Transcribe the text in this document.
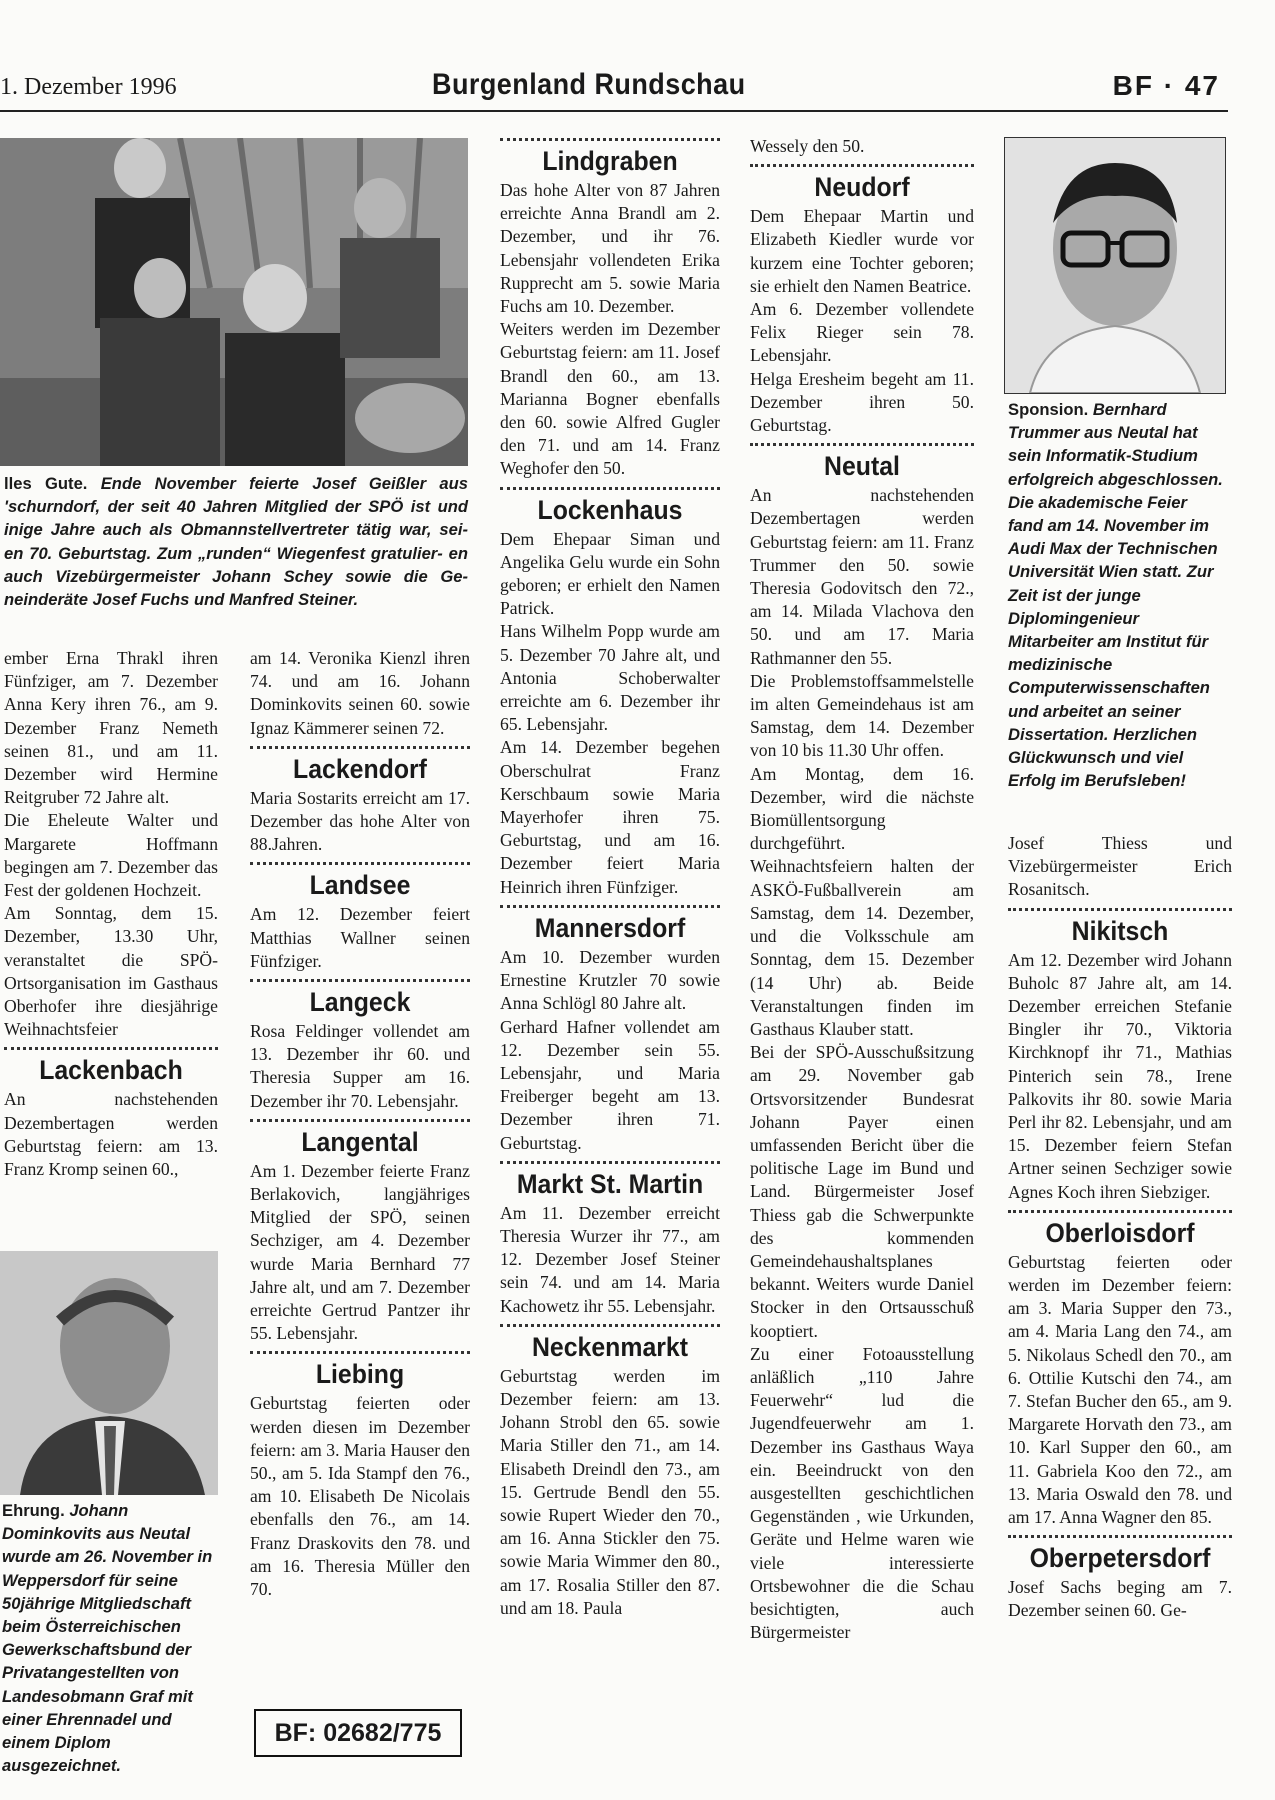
1. Dezember 1996	Burgenland Rundschau	BF · 47
lles Gute. Ende November feierte Josef Geißler aus 'schurndorf, der seit 40 Jahren Mitglied der SPÖ ist und inige Jahre auch als Obmannstellvertreter tätig war, sei- en 70. Geburtstag. Zum „runden“ Wiegenfest gratulier- en auch Vizebürgermeister Johann Schey sowie die Ge- neinderäte Josef Fuchs und Manfred Steiner.

ember Erna Thrakl ihren Fünfziger, am 7. Dezember Anna Kery ihren 76., am 9. Dezember Franz Nemeth seinen 81., und am 11. Dezember wird Hermine Reitgruber 72 Jahre alt.

Die Eheleute Walter und Margarete Hoffmann begingen am 7. Dezember das Fest der goldenen Hochzeit.

Am Sonntag, dem 15. Dezember, 13.30 Uhr, veranstaltet die SPÖ-Ortsorganisation im Gasthaus Oberhofer ihre diesjährige Weihnachtsfeier

Lackenbach

An nachstehenden Dezembertagen werden Geburtstag feiern: am 13. Franz Kromp seinen 60.,

Ehrung. Johann Dominkovits aus Neutal wurde am 26. November in Weppersdorf für seine 50jährige Mitgliedschaft beim Österreichischen Gewerkschaftsbund der Privatangestellten von Landesobmann Graf mit einer Ehrennadel und einem Diplom ausgezeichnet.

am 14. Veronika Kienzl ihren 74. und am 16. Johann Dominkovits seinen 60. sowie Ignaz Kämmerer seinen 72.

Lackendorf

Maria Sostarits erreicht am 17. Dezember das hohe Alter von 88.Jahren.

Landsee

Am 12. Dezember feiert Matthias Wallner seinen Fünfziger.

Langeck

Rosa Feldinger vollendet am 13. Dezember ihr 60. und Theresia Supper am 16. Dezember ihr 70. Lebensjahr.

Langental

Am 1. Dezember feierte Franz Berlakovich, langjähriges Mitglied der SPÖ, seinen Sechziger, am 4. Dezember wurde Maria Bernhard 77 Jahre alt, und am 7. Dezember erreichte Gertrud Pantzer ihr 55. Lebensjahr.

Liebing

Geburtstag feierten oder werden diesen im Dezember feiern: am 3. Maria Hauser den 50., am 5. Ida Stampf den 76., am 10. Elisabeth De Nicolais ebenfalls den 76., am 14. Franz Draskovits den 78. und am 16. Theresia Müller den 70.

BF: 02682/775
Lindgraben

Das hohe Alter von 87 Jahren erreichte Anna Brandl am 2. Dezember, und ihr 76. Lebensjahr vollendeten Erika Rupprecht am 5. sowie Maria Fuchs am 10. Dezember.

Weiters werden im Dezember Geburtstag feiern: am 11. Josef Brandl den 60., am 13. Marianna Bogner ebenfalls den 60. sowie Alfred Gugler den 71. und am 14. Franz Weghofer den 50.

Lockenhaus

Dem Ehepaar Siman und Angelika Gelu wurde ein Sohn geboren; er erhielt den Namen Patrick.

Hans Wilhelm Popp wurde am 5. Dezember 70 Jahre alt, und Antonia Schoberwalter erreichte am 6. Dezember ihr 65. Lebensjahr.

Am 14. Dezember begehen Oberschulrat Franz Kerschbaum sowie Maria Mayerhofer ihren 75. Geburtstag, und am 16. Dezember feiert Maria Heinrich ihren Fünfziger.

Mannersdorf

Am 10. Dezember wurden Ernestine Krutzler 70 sowie Anna Schlögl 80 Jahre alt.

Gerhard Hafner vollendet am 12. Dezember sein 55. Lebensjahr, und Maria Freiberger begeht am 13. Dezember ihren 71. Geburtstag.

Markt St. Martin

Am 11. Dezember erreicht Theresia Wurzer ihr 77., am 12. Dezember Josef Steiner sein 74. und am 14. Maria Kachowetz ihr 55. Lebensjahr.

Neckenmarkt

Geburtstag werden im Dezember feiern: am 13. Johann Strobl den 65. sowie Maria Stiller den 71., am 14. Elisabeth Dreindl den 73., am 15. Gertrude Bendl den 55. sowie Rupert Wieder den 70., am 16. Anna Stickler den 75. sowie Maria Wimmer den 80., am 17. Rosalia Stiller den 87. und am 18. Paula

Wessely den 50.

Neudorf

Dem Ehepaar Martin und Elizabeth Kiedler wurde vor kurzem eine Tochter geboren; sie erhielt den Namen Beatrice.

Am 6. Dezember vollendete Felix Rieger sein 78. Lebensjahr.

Helga Eresheim begeht am 11. Dezember ihren 50. Geburtstag.

Neutal

An nachstehenden Dezembertagen werden Geburtstag feiern: am 11. Franz Trummer den 50. sowie Theresia Godovitsch den 72., am 14. Milada Vlachova den 50. und am 17. Maria Rathmanner den 55.

Die Problemstoffsammelstelle im alten Gemeindehaus ist am Samstag, dem 14. Dezember von 10 bis 11.30 Uhr offen.

Am Montag, dem 16. Dezember, wird die nächste Biomüllentsorgung durchgeführt.

Weihnachtsfeiern halten der ASKÖ-Fußballverein am Samstag, dem 14. Dezember, und die Volksschule am Sonntag, dem 15. Dezember (14 Uhr) ab. Beide Veranstaltungen finden im Gasthaus Klauber statt.

Bei der SPÖ-Ausschußsitzung am 29. November gab Ortsvorsitzender Bundesrat Johann Payer einen umfassenden Bericht über die politische Lage im Bund und Land. Bürgermeister Josef Thiess gab die Schwerpunkte des kommenden Gemeindehaushaltsplanes bekannt. Weiters wurde Daniel Stocker in den Ortsausschuß kooptiert.

Zu einer Fotoausstellung anläßlich „110 Jahre Feuerwehr“ lud die Jugendfeuerwehr am 1. Dezember ins Gasthaus Waya ein. Beeindruckt von den ausgestellten geschichtlichen Gegenständen , wie Urkunden, Geräte und Helme waren wie viele interessierte Ortsbewohner die die Schau besichtigten, auch Bürgermeister

Sponsion. Bernhard Trummer aus Neutal hat sein Informatik-Studium erfolgreich abgeschlossen. Die akademische Feier fand am 14. November im Audi Max der Technischen Universität Wien statt. Zur Zeit ist der junge Diplomingenieur Mitarbeiter am Institut für medizinische Computerwissenschaften und arbeitet an seiner Dissertation. Herzlichen Glückwunsch und viel Erfolg im Berufsleben!

Josef Thiess und Vizebürgermeister Erich Rosanitsch.

Nikitsch

Am 12. Dezember wird Johann Buholc 87 Jahre alt, am 14. Dezember erreichen Stefanie Bingler ihr 70., Viktoria Kirchknopf ihr 71., Mathias Pinterich sein 78., Irene Palkovits ihr 80. sowie Maria Perl ihr 82. Lebensjahr, und am 15. Dezember feiern Stefan Artner seinen Sechziger sowie Agnes Koch ihren Siebziger.

Oberloisdorf

Geburtstag feierten oder werden im Dezember feiern: am 3. Maria Supper den 73., am 4. Maria Lang den 74., am 5. Nikolaus Schedl den 70., am 6. Ottilie Kutschi den 74., am 7. Stefan Bucher den 65., am 9. Margarete Horvath den 73., am 10. Karl Supper den 60., am 11. Gabriela Koo den 72., am 13. Maria Oswald den 78. und am 17. Anna Wagner den 85.

Oberpetersdorf

Josef Sachs beging am 7. Dezember seinen 60. Ge-
